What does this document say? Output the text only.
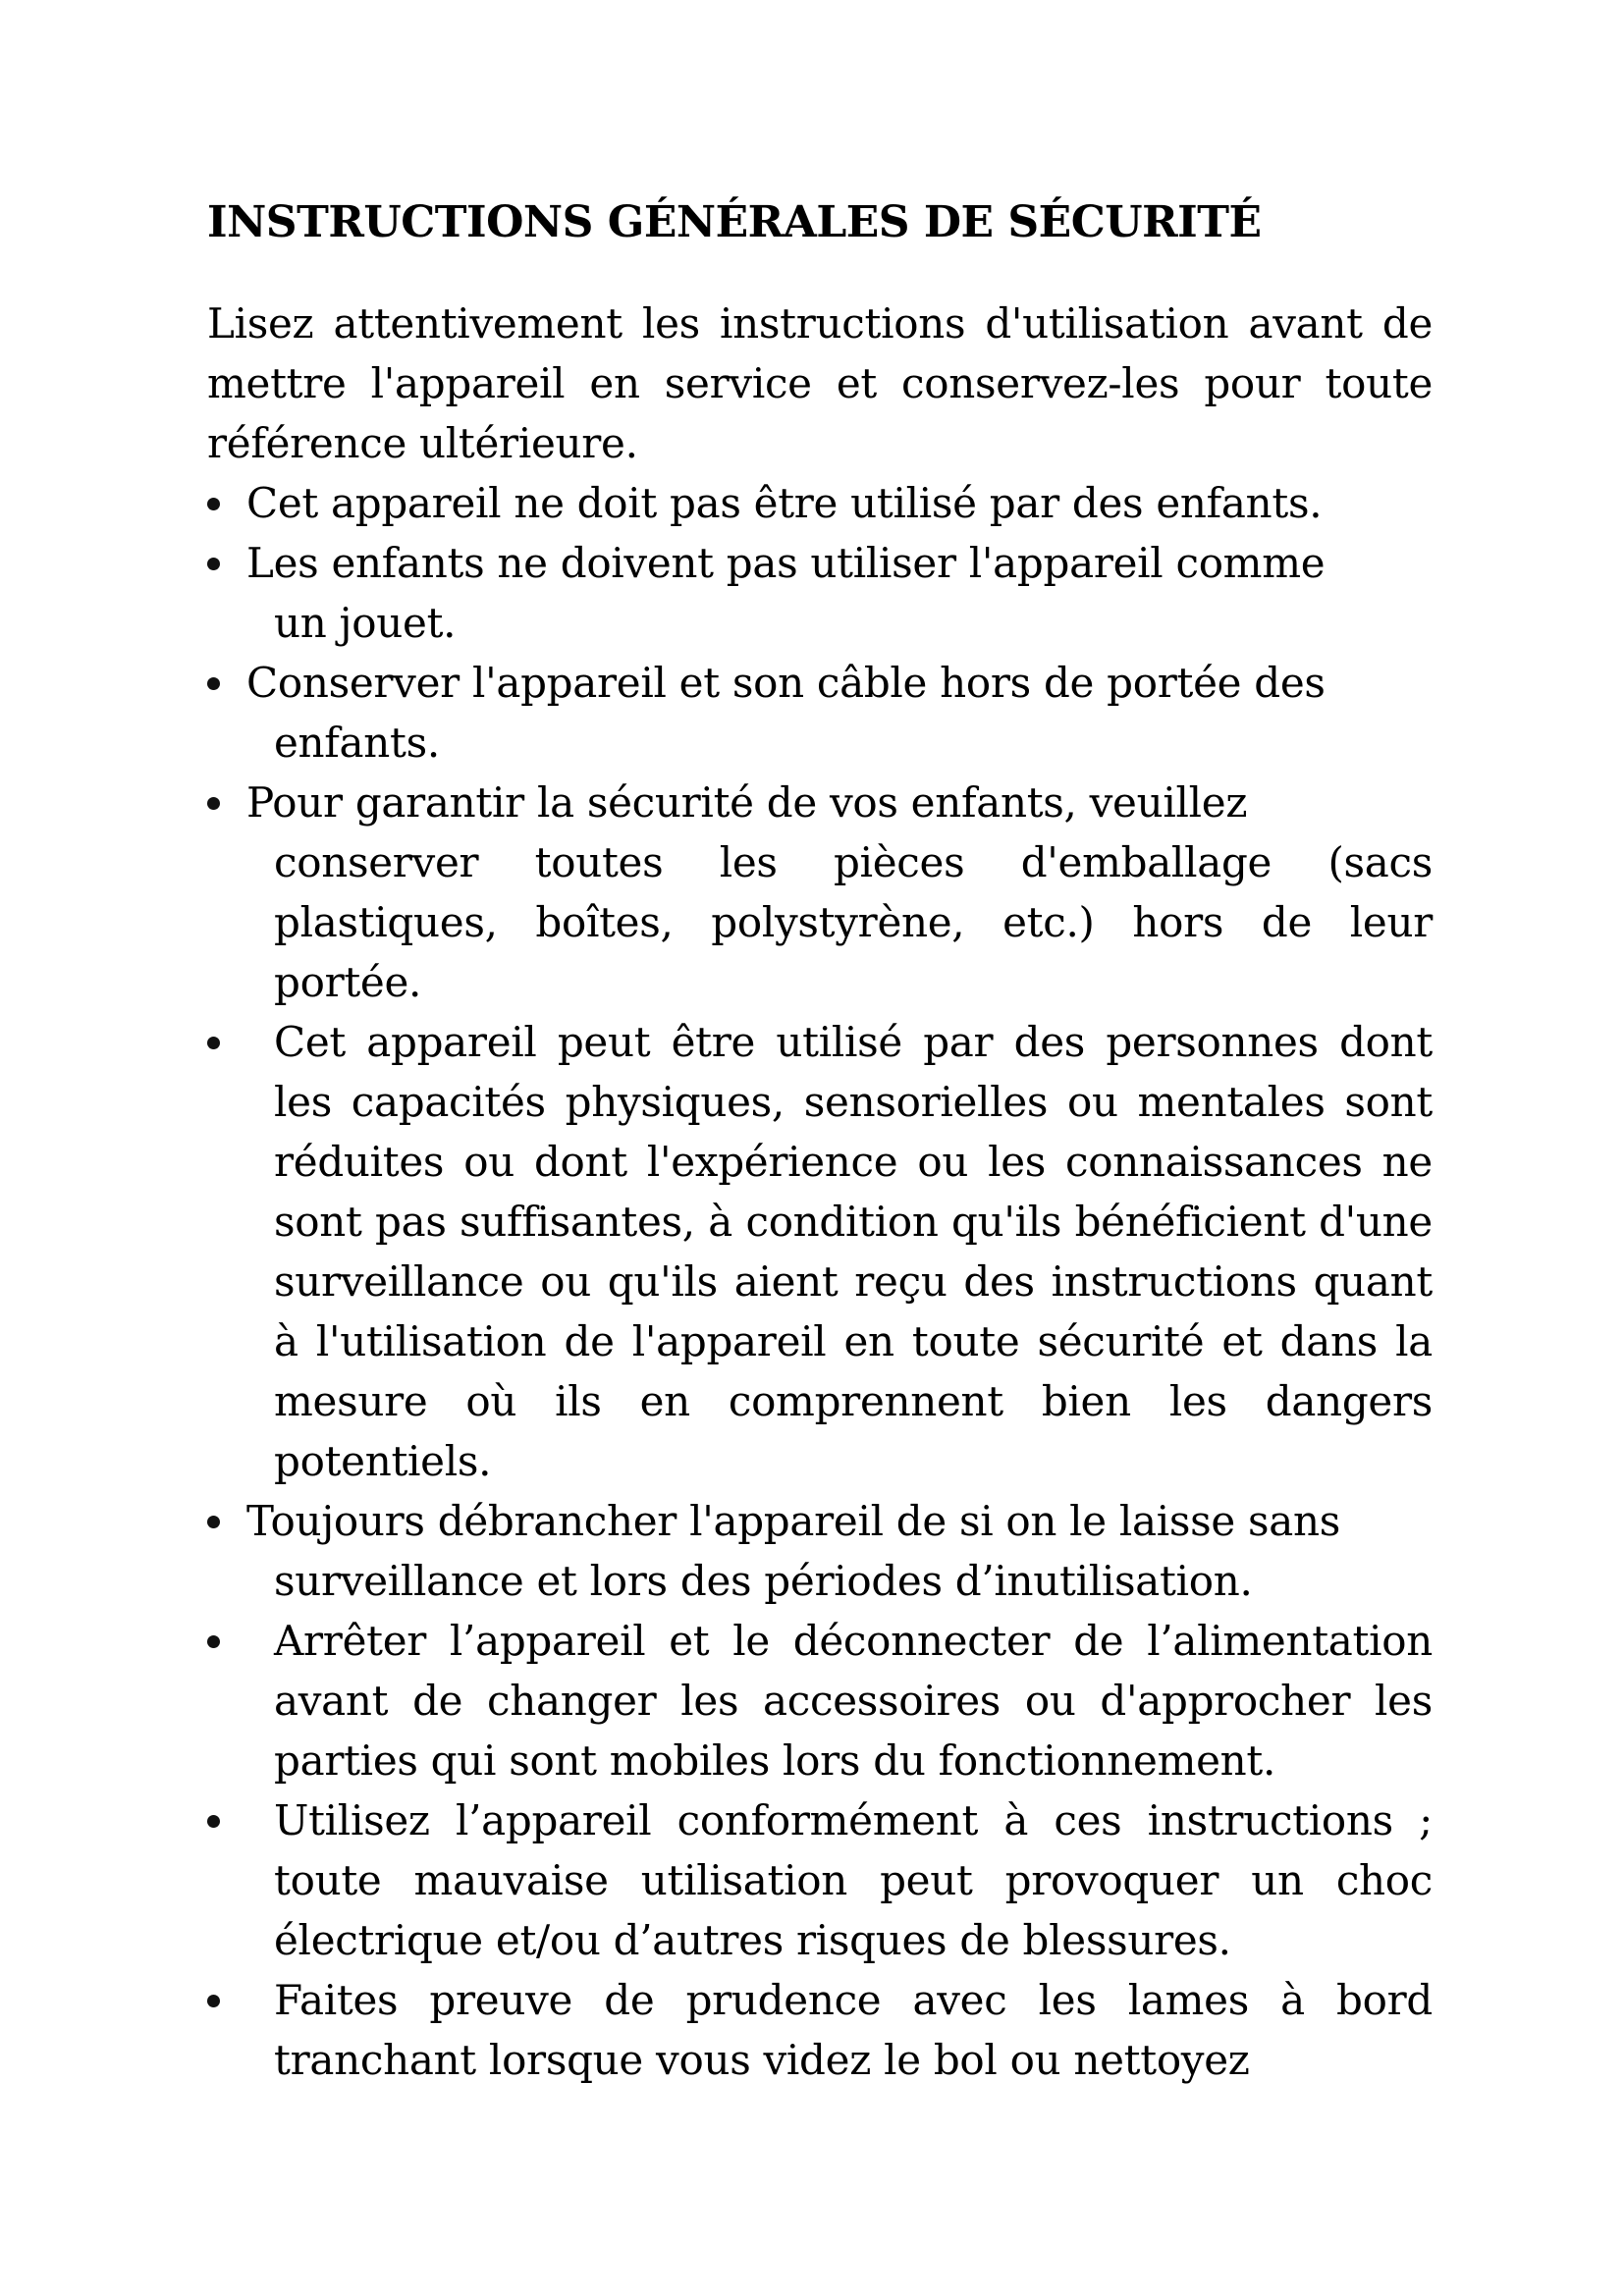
INSTRUCTIONS GÉNÉRALES DE SÉCURITÉ

Lisez attentivement les instructions d'utilisation avant de mettre l'appareil en service et conservez-les pour toute référence ultérieure.

Cet appareil ne doit pas être utilisé par des enfants.
Les enfants ne doivent pas utiliser l'appareil comme
un jouet.
Conserver l'appareil et son câble hors de portée des
enfants.
Pour garantir la sécurité de vos enfants, veuillez
conserver toutes les pièces d'emballage (sacs plastiques, boîtes, polystyrène, etc.) hors de leur portée.
Cet appareil peut être utilisé par des personnes dont les capacités physiques, sensorielles ou mentales sont réduites ou dont l'expérience ou les connaissances ne sont pas suffisantes, à condition qu'ils bénéficient d'une surveillance ou qu'ils aient reçu des instructions quant à l'utilisation de l'appareil en toute sécurité et dans la mesure où ils en comprennent bien les dangers potentiels.
Toujours débrancher l'appareil de si on le laisse sans
surveillance et lors des périodes d’inutilisation.
Arrêter l’appareil et le déconnecter de l’alimentation avant de changer les accessoires ou d'approcher les parties qui sont mobiles lors du fonctionnement.
Utilisez l’appareil conformément à ces instructions ; toute mauvaise utilisation peut provoquer un choc électrique et/ou d’autres risques de blessures.
Faites preuve de prudence avec les lames à bord tranchant lorsque vous videz le bol ou nettoyez
